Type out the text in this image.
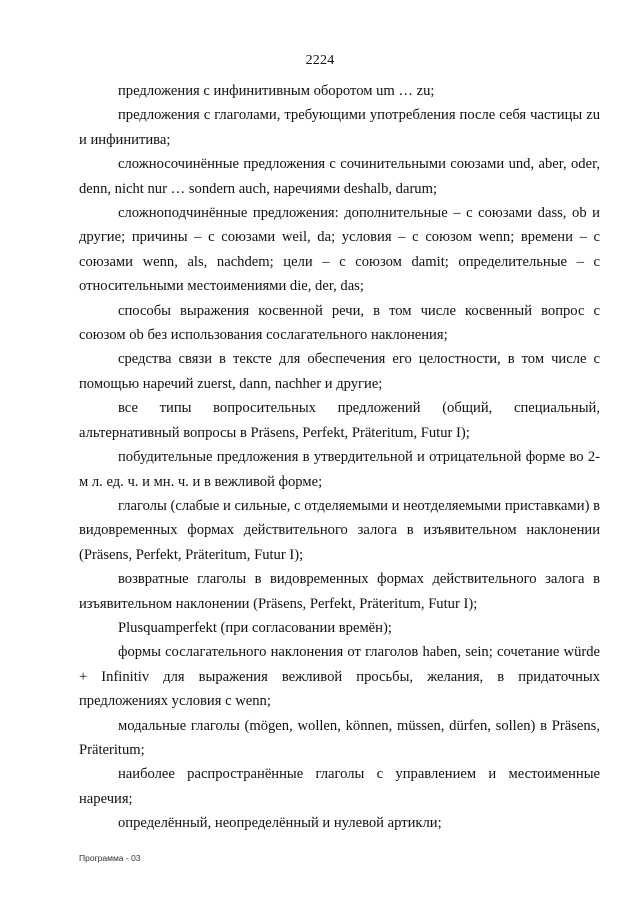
2224

предложения с инфинитивным оборотом um … zu;

предложения с глаголами, требующими употребления после себя частицы zu и инфинитива;

сложносочинённые предложения с сочинительными союзами und, aber, oder, denn, nicht nur … sondern auch, наречиями deshalb, darum;

сложноподчинённые предложения: дополнительные – с союзами dass, ob и другие; причины – с союзами weil, da; условия – с союзом wenn; времени – с союзами wenn, als, nachdem; цели – с союзом damit; определительные – с относительными местоимениями die, der, das;

способы выражения косвенной речи, в том числе косвенный вопрос с союзом ob без использования сослагательного наклонения;

средства связи в тексте для обеспечения его целостности, в том числе с помощью наречий zuerst, dann, nachher и другие;

все типы вопросительных предложений (общий, специальный, альтернативный вопросы в Präsens, Perfekt, Präteritum, Futur I);

побудительные предложения в утвердительной и отрицательной форме во 2-м л. ед. ч. и мн. ч. и в вежливой форме;

глаголы (слабые и сильные, с отделяемыми и неотделяемыми приставками) в видовременных формах действительного залога в изъявительном наклонении (Präsens, Perfekt, Präteritum, Futur I);

возвратные глаголы в видовременных формах действительного залога в изъявительном наклонении (Präsens, Perfekt, Präteritum, Futur I);

Plusquamperfekt (при согласовании времён);

формы сослагательного наклонения от глаголов haben, sein; сочетание würde + Infinitiv для выражения вежливой просьбы, желания, в придаточных предложениях условия с wenn;

модальные глаголы (mögen, wollen, können, müssen, dürfen, sollen) в Präsens, Präteritum;

наиболее распространённые глаголы с управлением и местоименные наречия;

определённый, неопределённый и нулевой артикли;

Программа - 03
